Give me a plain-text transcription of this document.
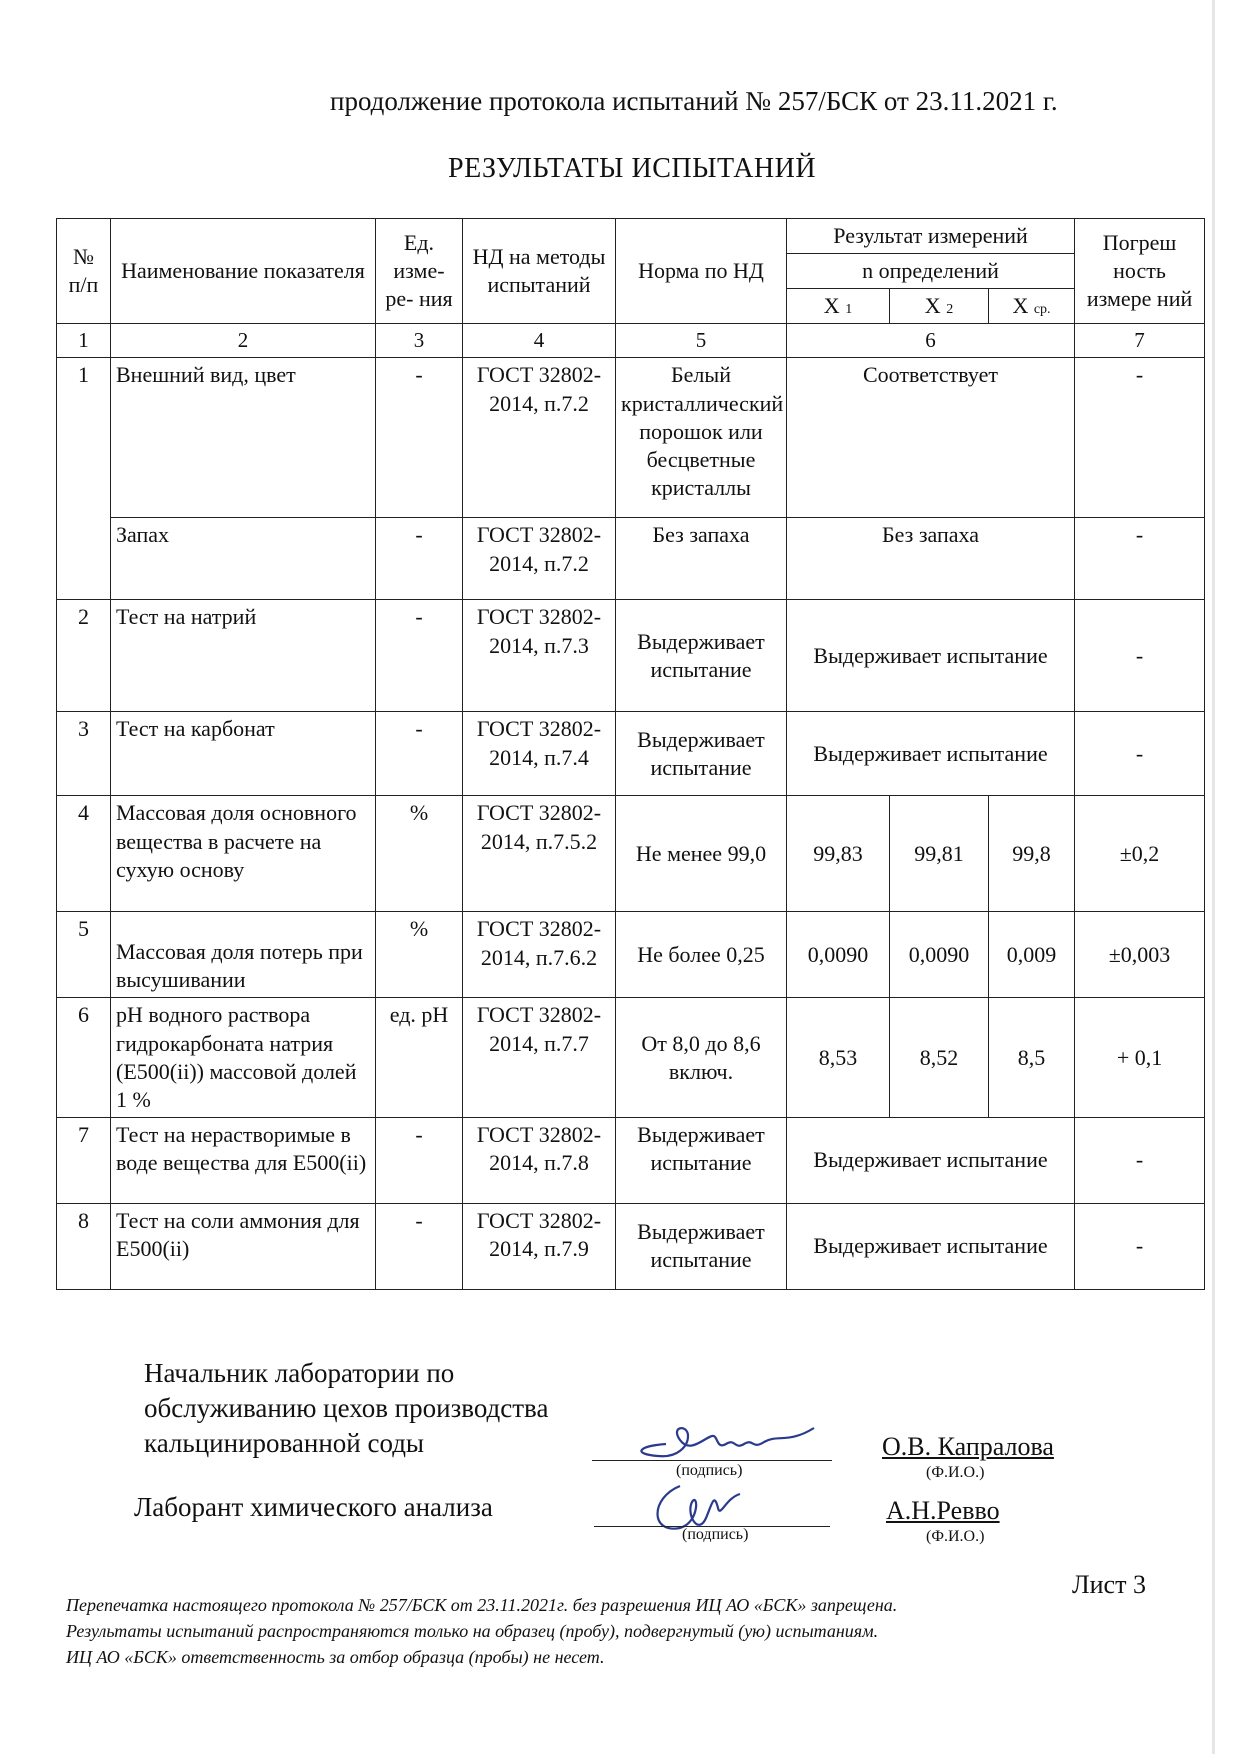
продолжение протокола испытаний № 257/БСК от 23.11.2021 г.
РЕЗУЛЬТАТЫ ИСПЫТАНИЙ
№ п/п	Наименование показателя	Ед. изме- ре- ния	НД на методы испытаний	Норма по НД	Результат измерений			Погреш ность измере ний
					n определений			
					X 1	X 2	X ср.	
1	2	3	4	5	6			7
1	Внешний вид, цвет	-	ГОСТ 32802-2014, п.7.2	Белый кристаллический порошок или бесцветные кристаллы	Соответствует			-
	Запах	-	ГОСТ 32802-2014, п.7.2	Без запаха	Без запаха			-
2	Тест на натрий	-	ГОСТ 32802-2014, п.7.3	Выдерживает испытание	Выдерживает испытание			-
3	Тест на карбонат	-	ГОСТ 32802-2014, п.7.4	Выдерживает испытание	Выдерживает испытание			-
4	Массовая доля основного вещества в расчете на сухую основу	%	ГОСТ 32802-2014, п.7.5.2	Не менее 99,0	99,83	99,81	99,8	±0,2
5	Массовая доля потерь при высушивании	%	ГОСТ 32802-2014, п.7.6.2	Не более 0,25	0,0090	0,0090	0,009	±0,003
6	pH водного раствора гидрокарбоната натрия (E500(ii)) массовой долей 1 %	ед. pH	ГОСТ 32802-2014, п.7.7	От 8,0 до 8,6 включ.	8,53	8,52	8,5	+ 0,1
7	Тест на нерастворимые в воде вещества для E500(ii)	-	ГОСТ 32802-2014, п.7.8	Выдерживает испытание	Выдерживает испытание			-
8	Тест на соли аммония для E500(ii)	-	ГОСТ 32802-2014, п.7.9	Выдерживает испытание	Выдерживает испытание			-
Начальник лаборатории по обслуживанию цехов производства кальцинированной соды
(подпись)
О.В. Капралова
(Ф.И.О.)
Лаборант химического анализа
(подпись)
А.Н.Ревво
(Ф.И.О.)
Лист 3
Перепечатка настоящего протокола № 257/БСК от 23.11.2021г. без разрешения ИЦ АО «БСК» запрещена.
Результаты испытаний распространяются только на образец (пробу), подвергнутый (ую) испытаниям.
ИЦ АО «БСК» ответственность за отбор образца (пробы) не несет.
